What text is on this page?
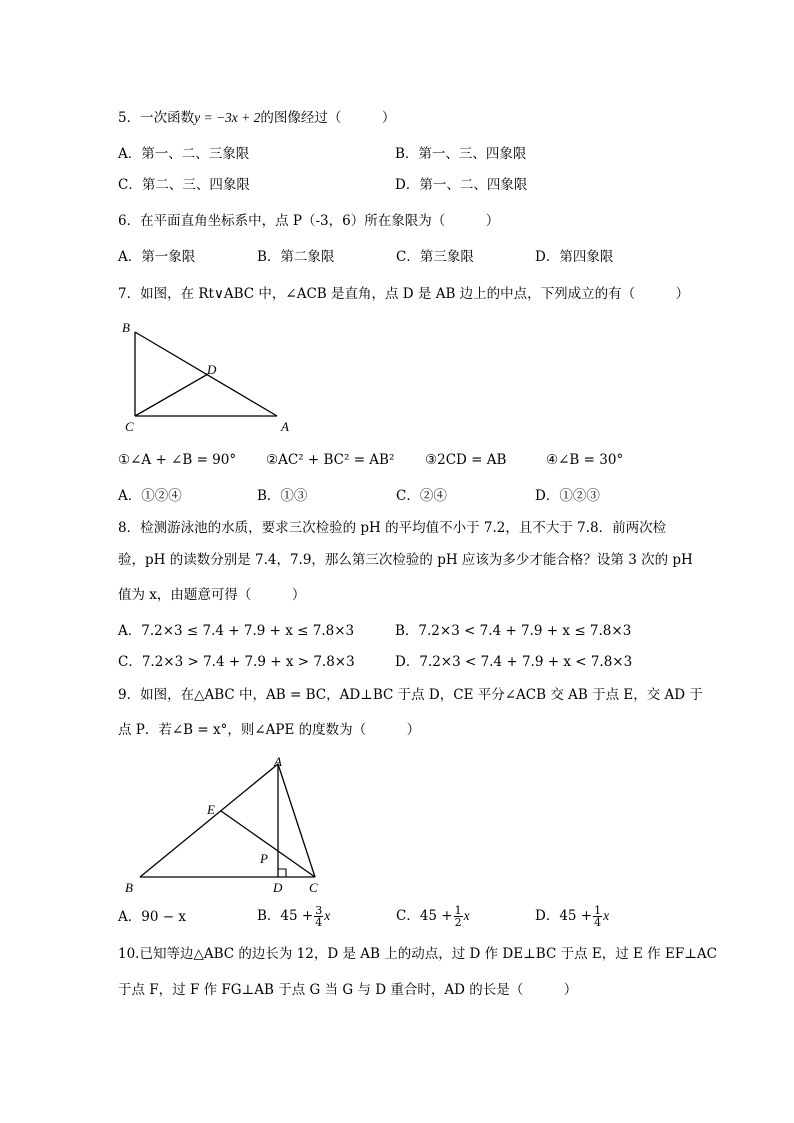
5．一次函数y = −3x + 2的图像经过（　　　）
A．第一、二、三象限	B．第一、三、四象限
C．第二、三、四象限	D．第一、二、四象限
6．在平面直角坐标系中，点 P（-3，6）所在象限为（　　　）
A．第一象限	B．第二象限	C．第三象限	D．第四象限
7．如图，在 Rt∨ABC 中，∠ACB 是直角，点 D 是 AB 边上的中点，下列成立的有（　　　）
B
D
C	A
①∠A + ∠B = 90° ②AC² + BC² = AB² ③2CD = AB	④∠B = 30°
A．①②④	B．①③	C．②④	D．①②③
8．检测游泳池的水质，要求三次检验的 pH 的平均值不小于 7.2，且不大于 7.8．前两次检
验，pH 的读数分别是 7.4，7.9，那么第三次检验的 pH 应该为多少才能合格？设第 3 次的 pH
值为 x，由题意可得（　　　）
A．7.2×3 ≤ 7.4 + 7.9 + x ≤ 7.8×3	B．7.2×3 < 7.4 + 7.9 + x ≤ 7.8×3
C．7.2×3 > 7.4 + 7.9 + x > 7.8×3	D．7.2×3 < 7.4 + 7.9 + x < 7.8×3
9．如图，在△ABC 中，AB = BC，AD⊥BC 于点 D，CE 平分∠ACB 交 AB 于点 E，交 AD 于
点 P．若∠B = x°，则∠APE 的度数为（　　　）
A
E
P
B	D C
A．90 − x	B．$45 + \frac{3}{4}$ x	C．$45 + \frac{1}{2}$ x	D．$45 + \frac{1}{4}$ x
10.已知等边△ABC 的边长为 12，D 是 AB 上的动点，过 D 作 DE⊥BC 于点 E，过 E 作 EF⊥AC
于点 F，过 F 作 FG⊥AB 于点 G 当 G 与 D 重合时，AD 的长是（　　　）
